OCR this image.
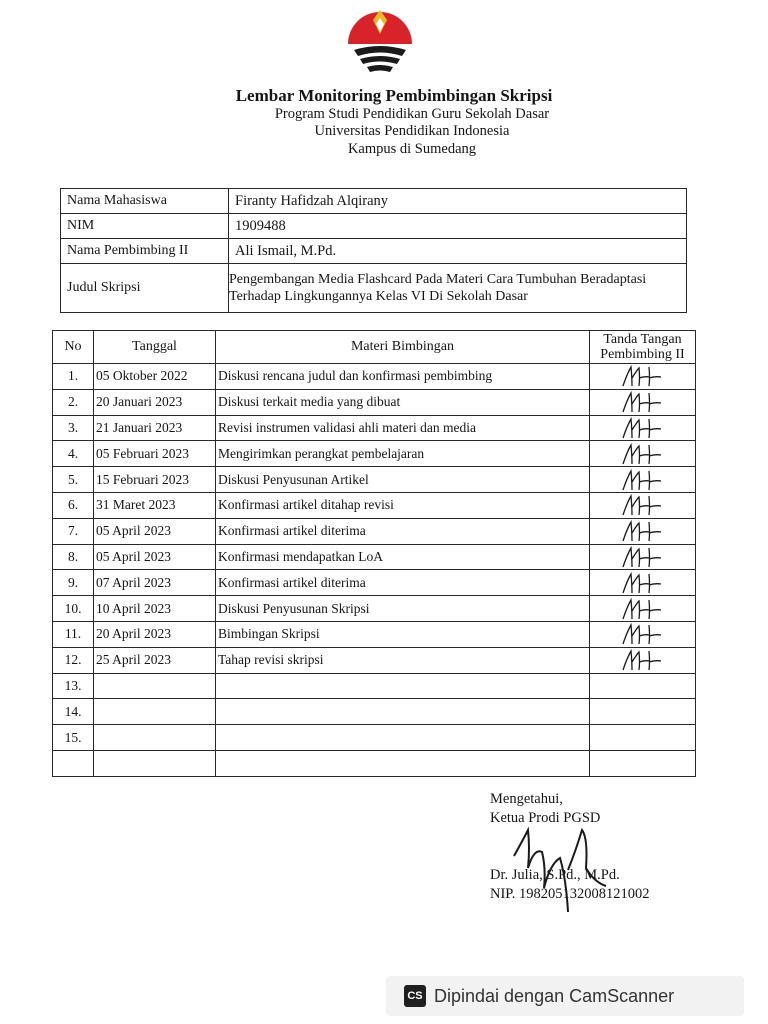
Lembar Monitoring Pembimbingan Skripsi
Program Studi Pendidikan Guru Sekolah Dasar
Universitas Pendidikan Indonesia
Kampus di Sumedang
Nama Mahasiswa	Firanty Hafidzah Alqirany
NIM	1909488
Nama Pembimbing II	Ali Ismail, M.Pd.
Judul Skripsi	Pengembangan Media Flashcard Pada Materi Cara Tumbuhan Beradaptasi
Terhadap Lingkungannya Kelas VI Di Sekolah Dasar
No	Tanggal	Materi Bimbingan	Tanda Tangan
Pembimbing II

1.	05 Oktober 2022	Diskusi rencana judul dan konfirmasi pembimbing	

2.	20 Januari 2023	Diskusi terkait media yang dibuat	

3.	21 Januari 2023	Revisi instrumen validasi ahli materi dan media	

4.	05 Februari 2023	Mengirimkan perangkat pembelajaran	

5.	15 Februari 2023	Diskusi Penyusunan Artikel	

6.	31 Maret 2023	Konfirmasi artikel ditahap revisi	

7.	05 April 2023	Konfirmasi artikel diterima	

8.	05 April 2023	Konfirmasi mendapatkan LoA	

9.	07 April 2023	Konfirmasi artikel diterima	

10.	10 April 2023	Diskusi Penyusunan Skripsi	

11.	20 April 2023	Bimbingan Skripsi	

12.	25 April 2023	Tahap revisi skripsi	

13.			
14.			
15.			

Mengetahui,
Ketua Prodi PGSD
Dr. Julia, S.Pd., M.Pd.
NIP. 198205132008121002
CS Dipindai dengan CamScanner
